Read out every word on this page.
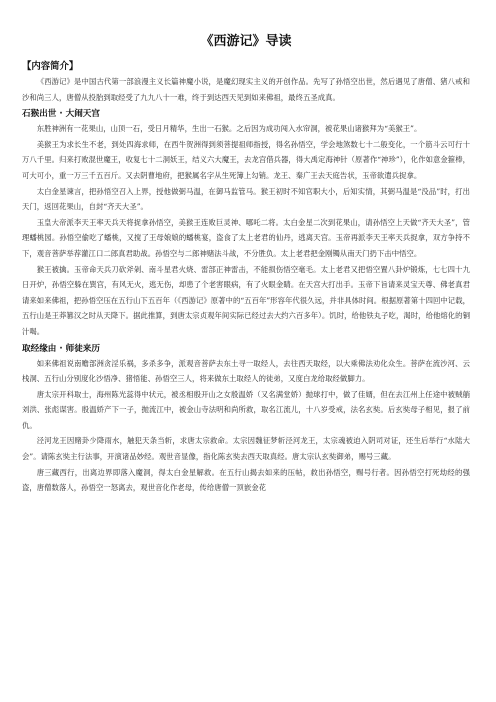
《西游记》导读
【内容简介】

《西游记》是中国古代第一部浪漫主义长篇神魔小说，是魔幻现实主义的开创作品。先写了孙悟空出世，然后遇见了唐僧、猪八戒和沙和尚三人，唐僧从投胎到取经受了九九八十一难，终于到达西天见到如来佛祖，最终五圣成真。

石猴出世 · 大闹天宫

东胜神洲有一花果山，山顶一石，受日月精华，生出一石猴。之后因为成功闯入水帘洞，被花果山诸猴拜为“美猴王”。

美猴王为求长生不老，到处四海求师，在西牛贺洲得到须菩提祖师指授，得名孙悟空，学会地煞数七十二般变化，一个筋斗云可行十万八千里。归来打败混世魔王，收复七十二洞妖王，结义六大魔王，去龙宫借兵器，得大禹定海神针（原著作“神珍”），化作如意金箍棒，可大可小，重一万三千五百斤。又去阴曹地府，把猴属名字从生死簿上勾销。龙王、秦广王去天庭告状，玉帝欲遣兵捉拿。

太白金星谏言，把孙悟空召入上界，授他做弼马温，在御马监管马。猴王初时不知官职大小，后知实情，其弼马温是“没品”时，打出天门，返回花果山，自封“齐天大圣”。

玉皇大帝派李天王率天兵天将捉拿孙悟空，美猴王连败巨灵神、哪吒二将。太白金星二次到花果山，请孙悟空上天做“齐天大圣”，管理蟠桃园。孙悟空偷吃了蟠桃，又搅了王母娘娘的蟠桃宴，盗食了太上老君的仙丹，逃离天宫。玉帝再派李天王率天兵捉拿，双方争持不下，观音菩萨举荐灌江口二郎真君助战。孙悟空与二郎神赌法斗战，不分胜负。太上老君把金刚镯从南天门扔下击中悟空。

猴王被擒。玉帝命天兵刀砍斧剁、南斗星君火烧、雷部正神雷击，不能损伤悟空毫毛。太上老君又把悟空置八卦炉锻炼，七七四十九日开炉，孙悟空躲在巽宫，有风无火，逃无伤，却患了个老害眼病，有了火眼金睛。在天宫大打出手。玉帝下旨请来灵宝天尊、佛老真君请来如来佛祖，把孙悟空压在五行山下五百年（《西游记》原著中的“五百年”形容年代很久远，并非具体时间。根据原著第十四回中记载，五行山是王莽篡汉之时从天降下。据此推算，到唐太宗贞观年间实际已经过去大约六百多年）。饥时，给他铁丸子吃，渴时，给他熔化的铜汁喝。

取经缘由 · 师徒来历

如来佛祖说南赡部洲贪淫乐祸，多杀多争，派观音菩萨去东土寻一取经人，去往西天取经，以大乘佛法劝化众生。菩萨在流沙河、云栈洞、五行山分别度化沙悟净、猪悟能、孙悟空三人，将来做东土取经人的徒弟，又度白龙给取经做脚力。

唐太宗开科取士，海州陈光蕊得中状元，被丞相殷开山之女殷温娇（又名满堂娇）抛球打中，做了佳婿，但在去江州上任途中被贼艄刘洪、张彪谋害。殷温娇产下一子，抛流江中，被金山寺法明和尚所救，取名江流儿，十八岁受戒，法名玄奘。后玄奘母子相见，报了前仇。

泾河龙王因赌卦少降雨水，触犯天条当斩，求唐太宗救命。太宗因魏征梦斩泾河龙王，太宗魂被迫入阴司对证，还生后举行“水陆大会”。请陈玄奘主行法事，开演诸品妙经。观世音显像，指化陈玄奘去西天取真经。唐太宗认玄奘御弟，赐号三藏。

唐三藏西行，出离边界即落入魔洞，得太白金星解救。在五行山揭去如来的压帖，救出孙悟空，赐号行者。因孙悟空打死劫经的强盗，唐僧数落人，孙悟空一怒离去，观世音化作老母，传给唐僧一顶嵌金花
